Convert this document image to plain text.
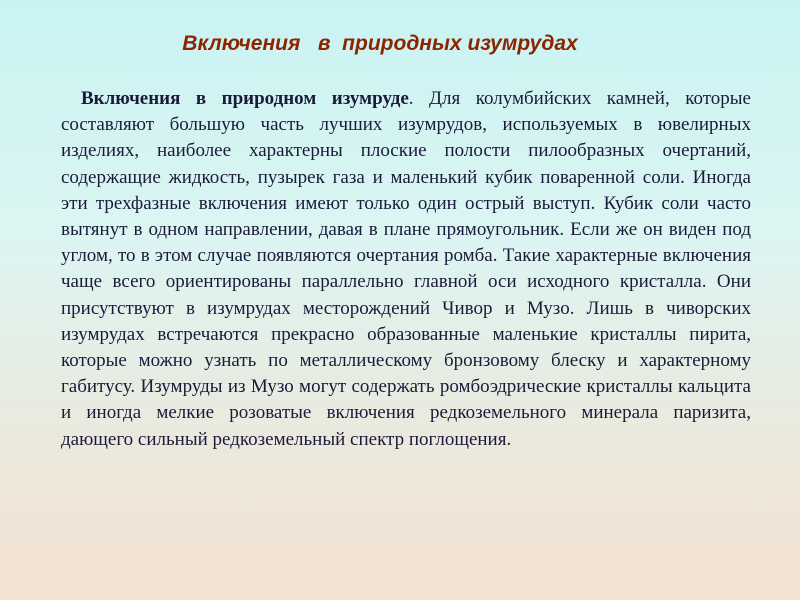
Включения   в  природных изумрудах

Включения в природном изумруде. Для колумбийских камней, которые составляют большую часть лучших изумрудов, используемых в ювелирных изделиях, наиболее характерны плоские полости пилообразных очертаний, содержащие жидкость, пузырек газа и маленький кубик поваренной соли. Иногда эти трехфазные включения имеют только один острый выступ. Кубик соли часто вытянут в одном направлении, давая в плане прямоугольник. Если же он виден под углом, то в этом случае появляются очертания ромба. Такие характерные включения чаще всего ориентированы параллельно главной оси исходного кристалла. Они присутствуют в изумрудах месторождений Чивор и Музо. Лишь в чиворских изумрудах встречаются прекрасно образованные маленькие кристаллы пирита, которые можно узнать по металлическому бронзовому блеску и характерному габитусу. Изумруды из Музо могут содержать ромбоэдрические кристаллы кальцита и иногда мелкие розоватые включения редкоземельного минерала паризита, дающего сильный редкоземельный спектр поглощения.
